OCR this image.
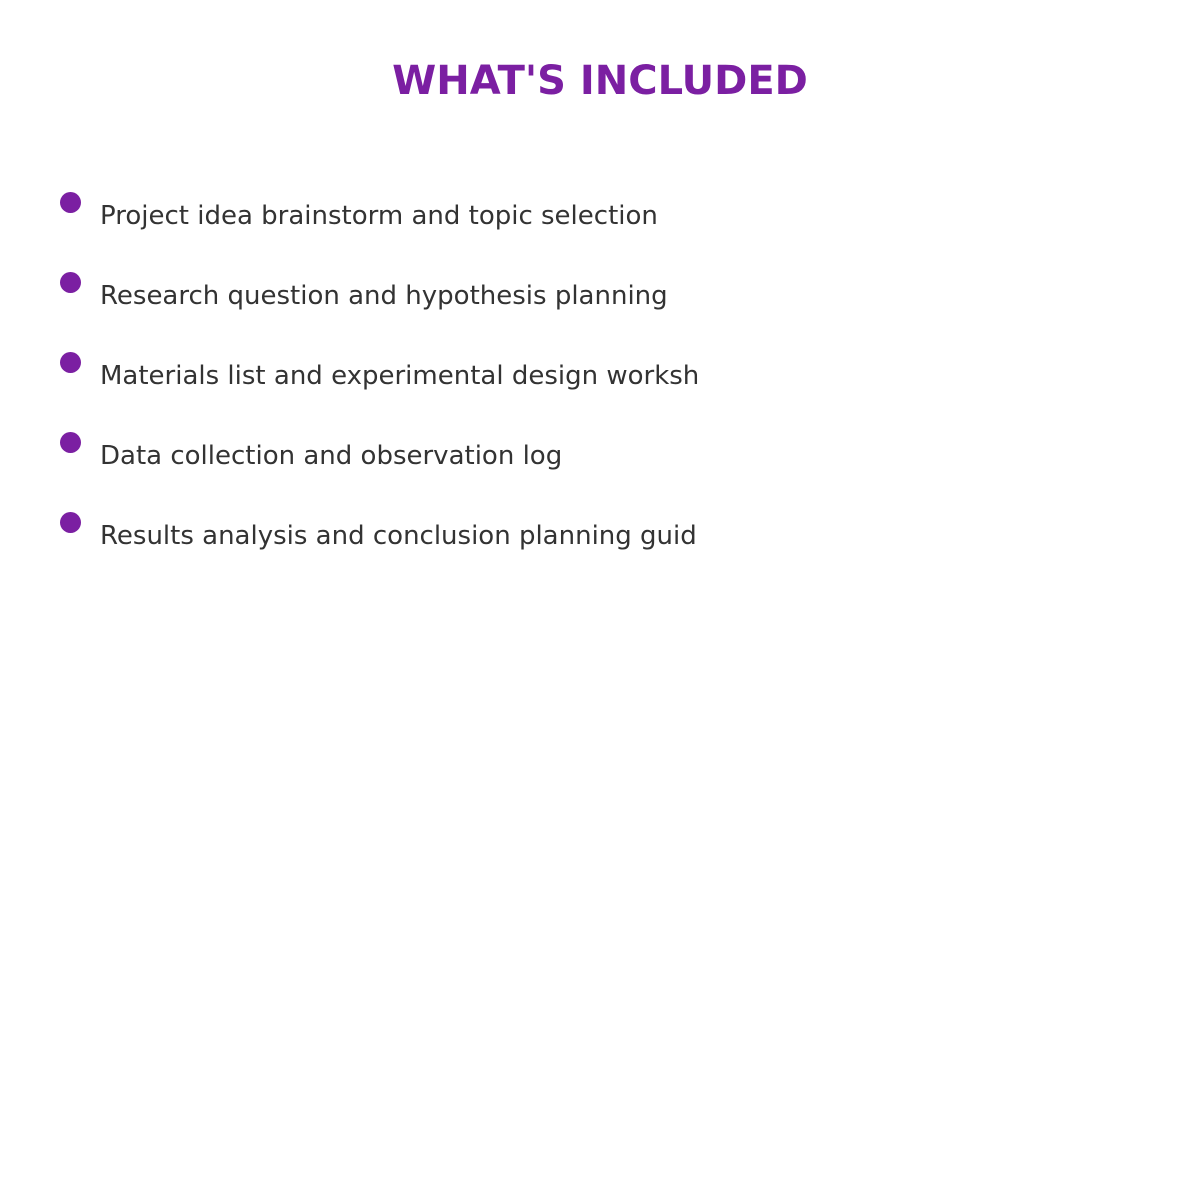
WHAT'S INCLUDED
Project idea brainstorm and topic selection
Research question and hypothesis planning
Materials list and experimental design worksh
Data collection and observation log
Results analysis and conclusion planning guid
